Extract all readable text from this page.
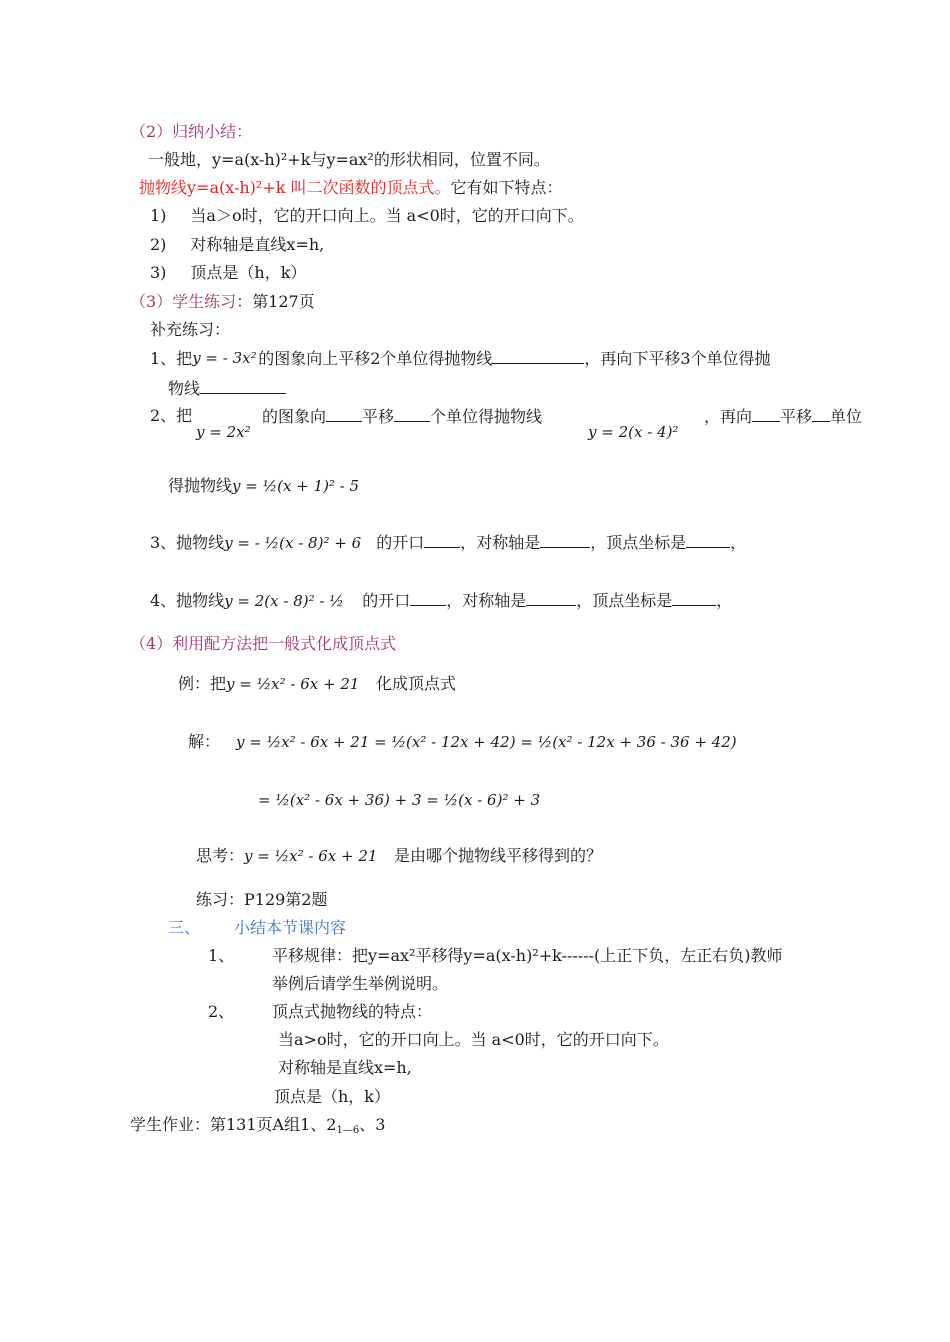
（2）归纳小结：
一般地，y=a(x-h)²+k与y=ax²的形状相同，位置不同。
抛物线y=a(x-h)²+k 叫二次函数的顶点式。它有如下特点：
1) 当a＞o时，它的开口向上。当 a<0时，它的开口向下。
2) 对称轴是直线x=h,
3) 顶点是（h，k）
（3）学生练习：第127页
补充练习：
1、把y = - 3x²的图象向上平移2个单位得抛物线	，再向下平移3个单位得抛
物线
2、把
y = 2x²
的图象向 平移 个单位得抛物线
y = 2(x - 4)²
，再向 平移 单位
得抛物线 y = ½(x + 1)² - 5
3、抛物线y = - ½(x - 8)² + 6 的开口 ，对称轴是	，顶点坐标是	，
4、抛物线y = 2(x - 8)² - ½ 的开口 ，对称轴是	，顶点坐标是	，
（4）利用配方法把一般式化成顶点式
例：把y = ½x² - 6x + 21 化成顶点式
解： y = ½x² - 6x + 21 = ½(x² - 12x + 42) = ½(x² - 12x + 36 - 36 + 42)
= ½(x² - 6x + 36) + 3 = ½(x - 6)² + 3
思考：y = ½x² - 6x + 21 是由哪个抛物线平移得到的？
练习：P129第2题
三、 小结本节课内容
1、 平移规律：把y=ax²平移得y=a(x-h)²+k------(上正下负，左正右负)教师
举例后请学生举例说明。
2、 顶点式抛物线的特点：
当a>o时，它的开口向上。当 a<0时，它的开口向下。
对称轴是直线x=h,
顶点是（h，k）
学生作业：第131页A组1、$2_{1—6}$、3
